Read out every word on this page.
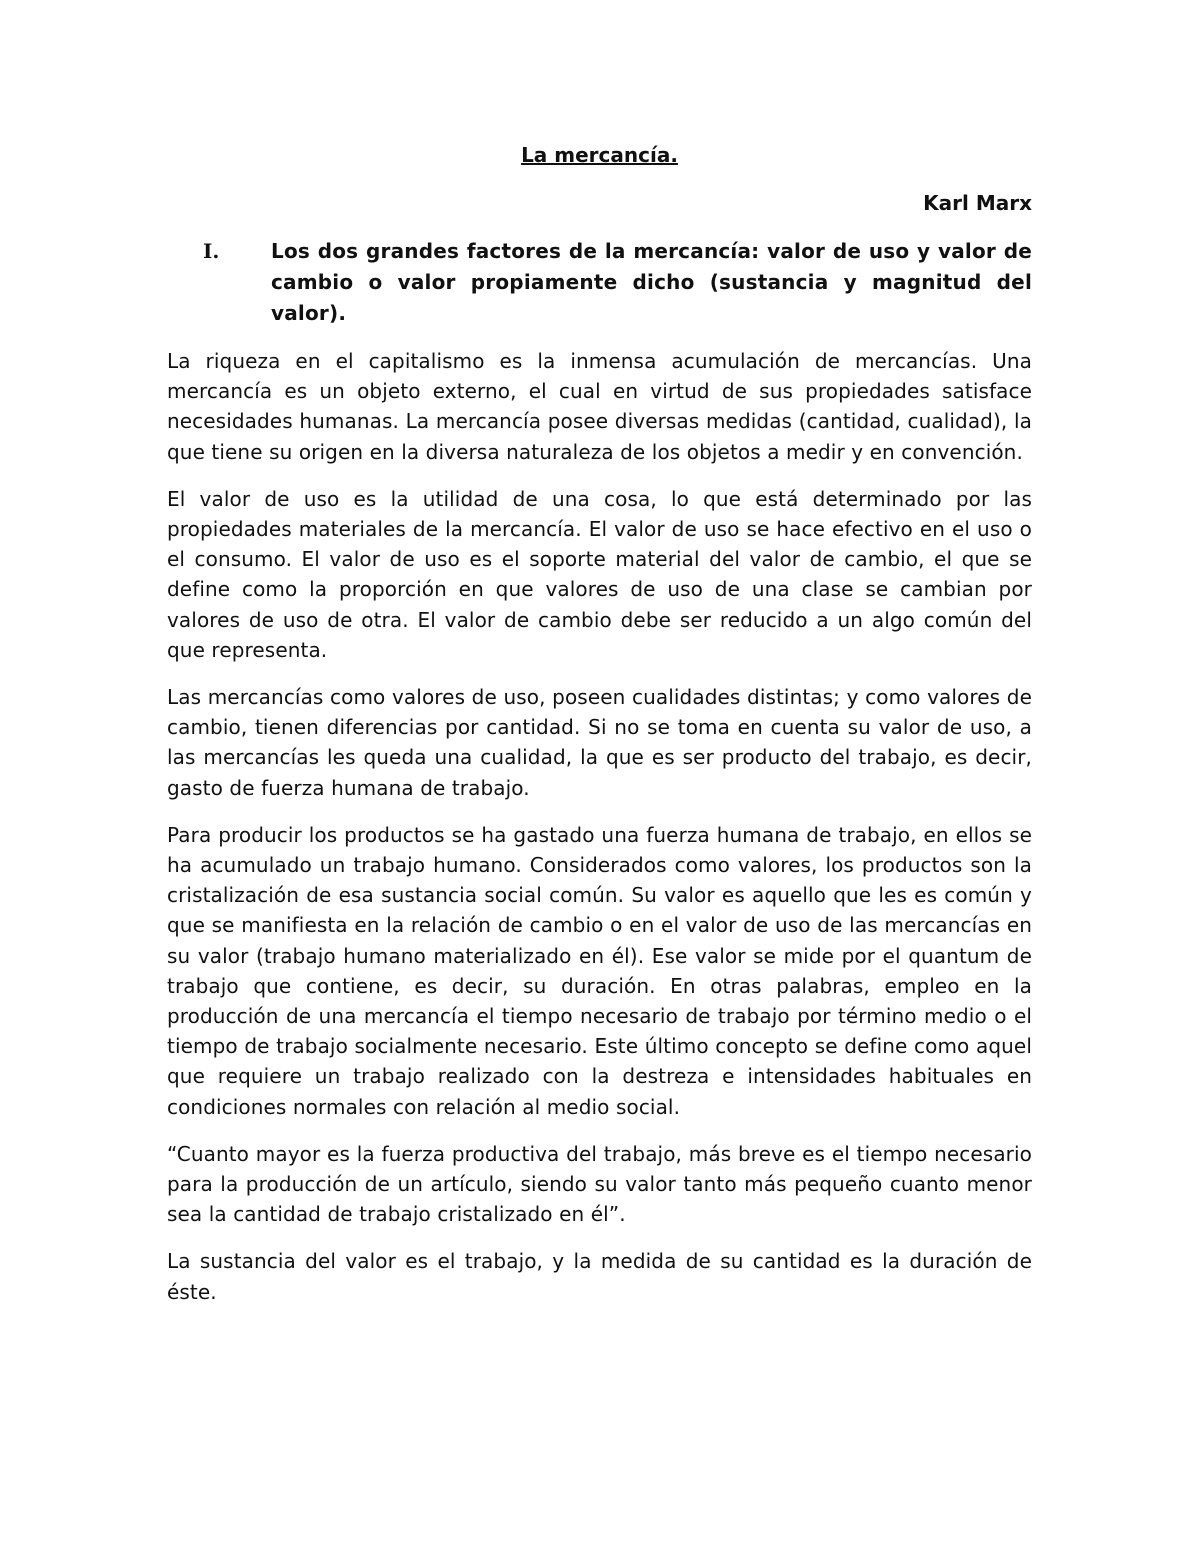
La mercancía.

Karl Marx

I.	Los dos grandes factores de la mercancía: valor de uso y valor de cambio o valor propiamente dicho (sustancia y magnitud del valor).

La riqueza en el capitalismo es la inmensa acumulación de mercancías. Una mercancía es un objeto externo, el cual en virtud de sus propiedades satisface necesidades humanas. La mercancía posee diversas medidas (cantidad, cualidad), la que tiene su origen en la diversa naturaleza de los objetos a medir y en convención.

El valor de uso es la utilidad de una cosa, lo que está determinado por las propiedades materiales de la mercancía. El valor de uso se hace efectivo en el uso o el consumo. El valor de uso es el soporte material del valor de cambio, el que se define como la proporción en que valores de uso de una clase se cambian por valores de uso de otra. El valor de cambio debe ser reducido a un algo común del que representa.

Las mercancías como valores de uso, poseen cualidades distintas; y como valores de cambio, tienen diferencias por cantidad. Si no se toma en cuenta su valor de uso, a las mercancías les queda una cualidad, la que es ser producto del trabajo, es decir, gasto de fuerza humana de trabajo.

Para producir los productos se ha gastado una fuerza humana de trabajo, en ellos se ha acumulado un trabajo humano. Considerados como valores, los productos son la cristalización de esa sustancia social común. Su valor es aquello que les es común y que se manifiesta en la relación de cambio o en el valor de uso de las mercancías en su valor (trabajo humano materializado en él). Ese valor se mide por el quantum de trabajo que contiene, es decir, su duración. En otras palabras, empleo en la producción de una mercancía el tiempo necesario de trabajo por término medio o el tiempo de trabajo socialmente necesario. Este último concepto se define como aquel que requiere un trabajo realizado con la destreza e intensidades habituales en condiciones normales con relación al medio social.

“Cuanto mayor es la fuerza productiva del trabajo, más breve es el tiempo necesario para la producción de un artículo, siendo su valor tanto más pequeño cuanto menor sea la cantidad de trabajo cristalizado en él”.

La sustancia del valor es el trabajo, y la medida de su cantidad es la duración de éste.
